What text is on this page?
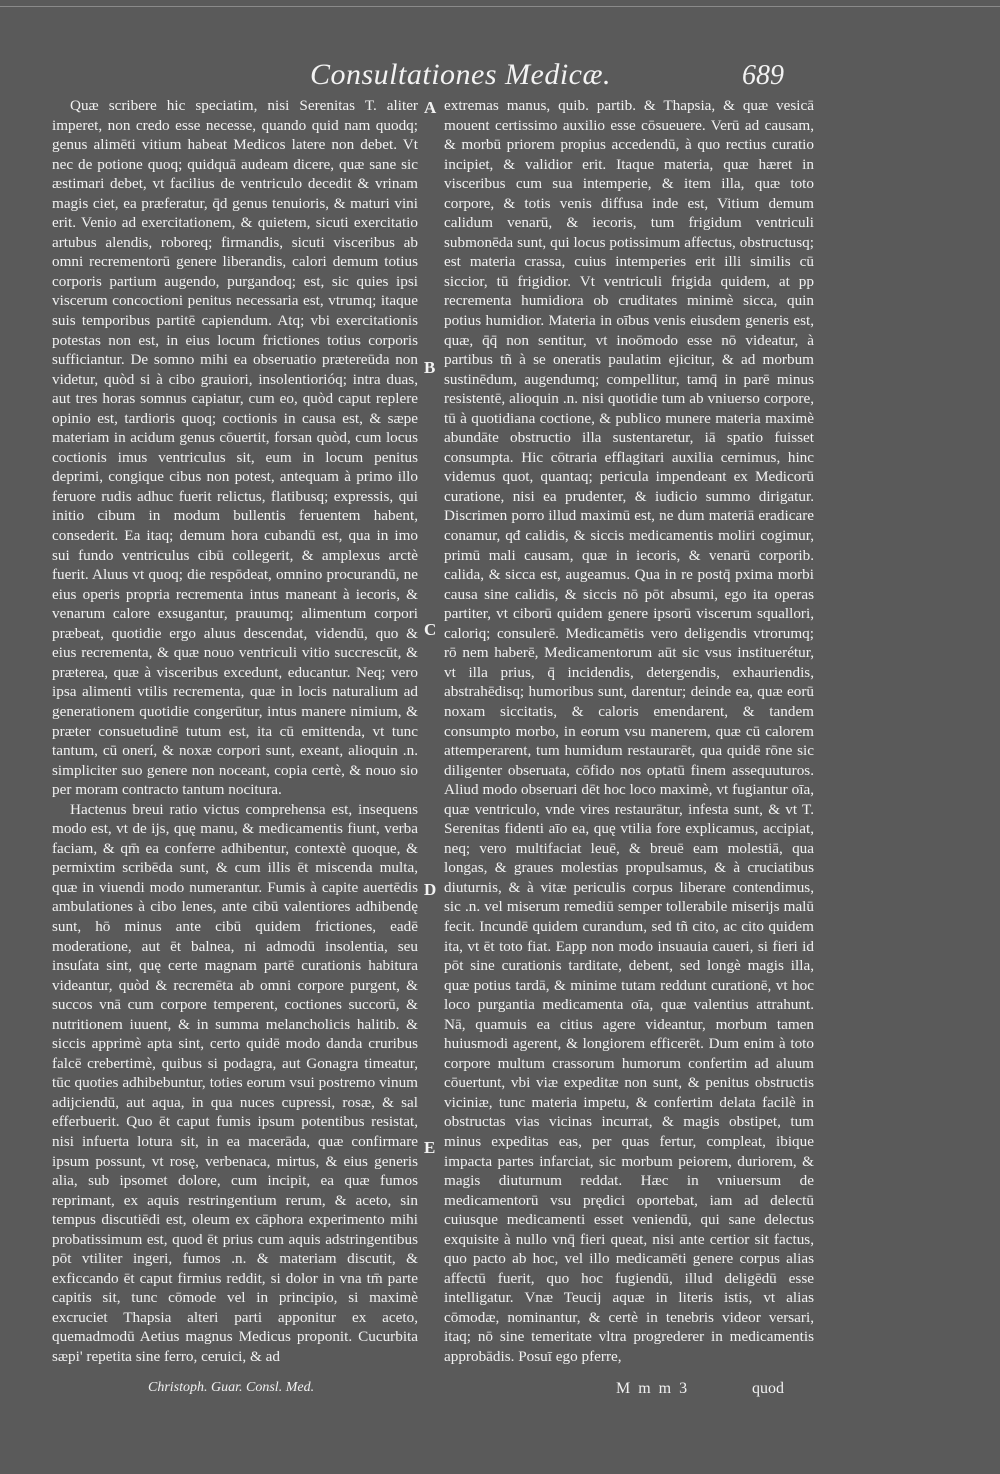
Consultationes Medicæ.	689

Quæ scribere hic speciatim, nisi Serenitas T. aliter imperet, non credo esse necesse, quando quid nam quodq; genus alimēti vitium habeat Medicos latere non debet. Vt nec de potione quoq; quidquā audeam dicere, quæ sane sic æstimari debet, vt facilius de ventriculo decedit & vrinam magis ciet, ea præferatur, q̄d genus tenuioris, & maturi vini erit. Venio ad exercitationem, & quietem, sicuti exercitatio artubus alendis, roboreq; firmandis, sicuti visceribus ab omni recrementorū genere liberandis, calori demum totius corporis partium augendo, purgandoq; est, sic quies ipsi viscerum concoctioni penitus necessaria est, vtrumq; itaque suis temporibus partitē capiendum. Atq; vbi exercitationis potestas non est, in eius locum frictiones totius corporis sufficiantur. De somno mihi ea obseruatio prætereūda non videtur, quòd si à cibo grauiori, insolentiorióq; intra duas, aut tres horas somnus capiatur, cum eo, quòd caput replere opinio est, tardioris quoq; coctionis in causa est, & sæpe materiam in acidum genus cōuertit, forsan quòd, cum locus coctionis imus ventriculus sit, eum in locum penitus deprimi, congique cibus non potest, antequam à primo illo feruore rudis adhuc fuerit relictus, flatibusq; expressis, qui initio cibum in modum bullentis feruentem habent, consederit. Ea itaq; demum hora cubandū est, qua in imo sui fundo ventriculus cibū collegerit, & amplexus arctè fuerit. Aluus vt quoq; die respōdeat, omnino procurandū, ne eius operis propria recrementa intus maneant à iecoris, & venarum calore exsugantur, prauumq; alimentum corpori præbeat, quotidie ergo aluus descendat, videndū, quo & eius recrementa, & quæ nouo ventriculi vitio succrescūt, & præterea, quæ à visceribus excedunt, educantur. Neq; vero ipsa alimenti vtilis recrementa, quæ in locis naturalium ad generationem quotidie congerūtur, intus manere nimium, & præter consuetudinē tutum est, ita cū emittenda, vt tunc tantum, cū onerí, & noxæ corpori sunt, exeant, alioquin .n. simpliciter suo genere non noceant, copia certè, & nouo sio per moram contracto tantum nocitura.

Hactenus breui ratio victus comprehensa est, insequens modo est, vt de ijs, quę manu, & medicamentis fiunt, verba faciam, & qm̄ ea conferre adhibentur, contextè quoque, & permixtim scribēda sunt, & cum illis ēt miscenda multa, quæ in viuendi modo numerantur. Fumis à capite auertēdis ambulationes à cibo lenes, ante cibū valentiores adhibendę sunt, hō minus ante cibū quidem frictiones, eadē moderatione, aut ēt balnea, ni admodū insolentia, seu insuſata sint, quę certe magnam partē curationis habitura videantur, quòd & recremēta ab omni corpore purgent, & succos vnā cum corpore temperent, coctiones succorū, & nutritionem iuuent, & in summa melancholicis halitib. & siccis apprimè apta sint, certo quidē modo danda cruribus falcē crebertimè, quibus si podagra, aut Gonagra timeatur, tūc quoties adhibebuntur, toties eorum vsui postremo vinum adijciendū, aut aqua, in qua nuces cupressi, rosæ, & sal efferbuerit. Quo ēt caput fumis ipsum potentibus resistat, nisi infuerta lotura sit, in ea macerāda, quæ confirmare ipsum possunt, vt rosę, verbenaca, mirtus, & eius generis alia, sub ipsomet dolore, cum incipit, ea quæ fumos reprimant, ex aquis restringentium rerum, & aceto, sin tempus discutiēdi est, oleum ex cāphora experimento mihi probatissimum est, quod ēt prius cum aquis adstringentibus pōt vtiliter ingeri, fumos .n. & materiam discutit, & exficcando ēt caput firmius reddit, si dolor in vna tm̄ parte capitis sit, tunc cōmode vel in principio, si maximè excruciet Thapsia alteri parti apponitur ex aceto, quemadmodū Aetius magnus Medicus proponit. Cucurbita sæpi' repetita sine ferro, ceruici, & ad

A
B
C
D
E

extremas manus, quib. partib. & Thapsia, & quæ vesicā mouent certissimo auxilio esse cōsueuere. Verū ad causam, & morbū priorem propius accedendū, à quo rectius curatio incipiet, & validior erit. Itaque materia, quæ hæret in visceribus cum sua intemperie, & item illa, quæ toto corpore, & totis venis diffusa inde est, Vitium demum calidum venarū, & iecoris, tum frigidum ventriculi submonēda sunt, qui locus potissimum affectus, obstructusq; est materia crassa, cuius intemperies erit illi similis cū siccior, tū frigidior. Vt ventriculi frigida quidem, at pp recrementa humidiora ob cruditates minimè sicca, quin potius humidior. Materia in oībus venis eiusdem generis est, quæ, q̄q̄ non sentitur, vt inoōmodo esse nō videatur, à partibus tñ à se oneratis paulatim ejicitur, & ad morbum sustinēdum, augendumq; compellitur, tamq̄ in parē minus resistentē, alioquin .n. nisi quotidie tum ab vniuerso corpore, tū à quotidiana coctione, & publico munere materia maximè abundāte obstructio illa sustentaretur, iā spatio fuisset consumpta. Hic cōtraria efflagitari auxilia cernimus, hinc videmus quot, quantaq; pericula impendeant ex Medicorū curatione, nisi ea prudenter, & iudicio summo dirigatur. Discrimen porro illud maximū est, ne dum materiā eradicare conamur, qđ calidis, & siccis medicamentis moliri cogimur, primū mali causam, quæ in iecoris, & venarū corporib. calida, & sicca est, augeamus. Qua in re postq̄ pxima morbi causa sine calidis, & siccis nō pōt absumi, ego ita operas partiter, vt ciborū quidem genere ipsorū viscerum squallori, caloriq; consulerē. Medicamētis vero deligendis vtrorumq; rō nem haberē, Medicamentorum aūt sic vsus instituerétur, vt illa prius, q̄ incidendis, detergendis, exhauriendis, abstrahēdisq; humoribus sunt, darentur; deinde ea, quæ eorū noxam siccitatis, & caloris emendarent, & tandem consumpto morbo, in eorum vsu manerem, quæ cū calorem attemperarent, tum humidum restaurarēt, qua quidē rōne sic diligenter obseruata, cōfido nos optatū finem assequuturos. Aliud modo obseruari dēt hoc loco maximè, vt fugiantur oīa, quæ ventriculo, vnde vires restaurātur, infesta sunt, & vt T. Serenitas fidenti aīo ea, quę vtilia fore explicamus, accipiat, neq; vero multifaciat leuē, & breuē eam molestiā, qua longas, & graues molestias propulsamus, & à cruciatibus diuturnis, & à vitæ periculis corpus liberare contendimus, sic .n. vel miserum remediū semper tollerabile miserijs malū fecit. Incundē quidem curandum, sed tñ cito, ac cito quidem ita, vt ēt toto fiat. Eapp non modo insuauia caueri, si fieri id pōt sine curationis tarditate, debent, sed longè magis illa, quæ potius tardā, & minime tutam reddunt curationē, vt hoc loco purgantia medicamenta oīa, quæ valentius attrahunt. Nā, quamuis ea citius agere videantur, morbum tamen huiusmodi agerent, & longiorem efficerēt. Dum enim à toto corpore multum crassorum humorum confertim ad aluum cōuertunt, vbi viæ expeditæ non sunt, & penitus obstructis viciniæ, tunc materia impetu, & confertim delata facilè in obstructas vias vicinas incurrat, & magis obstipet, tum minus expeditas eas, per quas fertur, compleat, ibique impacta partes infarciat, sic morbum peiorem, duriorem, & magis diuturnum reddat. Hæc in vniuersum de medicamentorū vsu prędici oportebat, iam ad delectū cuiusque medicamenti esset veniendū, qui sane delectus exquisite à nullo vnq̄ fieri queat, nisi ante certior sit factus, quo pacto ab hoc, vel illo medicamēti genere corpus alias affectū fuerit, quo hoc fugiendū, illud deligēdū esse intelligatur. Vnæ Teucij aquæ in literis istis, vt alias cōmodæ, nominantur, & certè in tenebris videor versari, itaq; nō sine temeritate vltra progrederer in medicamentis approbādis. Posuī ego pferre,

Christoph. Guar. Consl. Med.	M m m 3	quod
